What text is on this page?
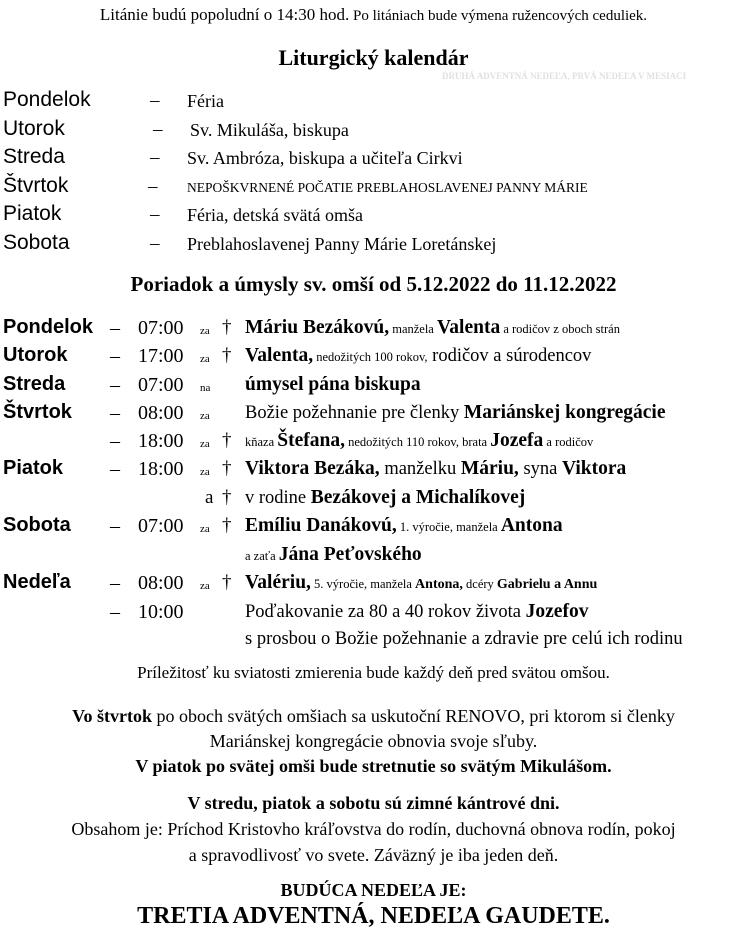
Litánie budú popoludní o 14:30 hod. Po litániach bude výmena ružencových ceduliek.
Liturgický kalendár
DRUHÁ ADVENTNÁ NEDEĽA, PRVÁ NEDEĽA V MESIACI
Pondelok	– Féria
Utorok	– Sv. Mikuláša, biskupa
Streda	– Sv. Ambróza, biskupa a učiteľa Cirkvi
Štvrtok	– NEPOŠKVRNENÉ POČATIE PREBLAHOSLAVENEJ PANNY MÁRIE
Piatok	– Féria, detská svätá omša
Sobota	– Preblahoslavenej Panny Márie Loretánskej
Poriadok a úmysly sv. omší od 5.12.2022 do 11.12.2022
Pondelok – 07:00 za † Máriu Bezákovú, manžela Valenta a rodičov z oboch strán
Utorok – 17:00 za † Valenta, nedožitých 100 rokov, rodičov a súrodencov
Streda – 07:00 na úmysel pána biskupa
Štvrtok – 08:00 za Božie požehnanie pre členky Mariánskej kongregácie
– 18:00 za † kňaza Štefana, nedožitých 110 rokov, brata Jozefa a rodičov
Piatok – 18:00 za † Viktora Bezáka, manželku Máriu, syna Viktora
a † v rodine Bezákovej a Michalíkovej
Sobota – 07:00 za † Emíliu Danákovú, 1. výročie, manžela Antona
a zaťa Jána Peťovského
Nedeľa – 08:00 za † Valériu, 5. výročie, manžela Antona, dcéry Gabrielu a Annu
– 10:00	Poďakovanie za 80 a 40 rokov života Jozefov
s prosbou o Božie požehnanie a zdravie pre celú ich rodinu
Príležitosť ku sviatosti zmierenia bude každý deň pred svätou omšou.
Vo štvrtok po oboch svätých omšiach sa uskutoční RENOVO, pri ktorom si členky
Mariánskej kongregácie obnovia svoje sľuby.
V piatok po svätej omši bude stretnutie so svätým Mikulášom.
V stredu, piatok a sobotu sú zimné kántrové dni.
Obsahom je: Príchod Kristovho kráľovstva do rodín, duchovná obnova rodín, pokoj
a spravodlivosť vo svete. Záväzný je iba jeden deň.
BUDÚCA NEDEĽA JE:
TRETIA ADVENTNÁ, NEDEĽA GAUDETE.
